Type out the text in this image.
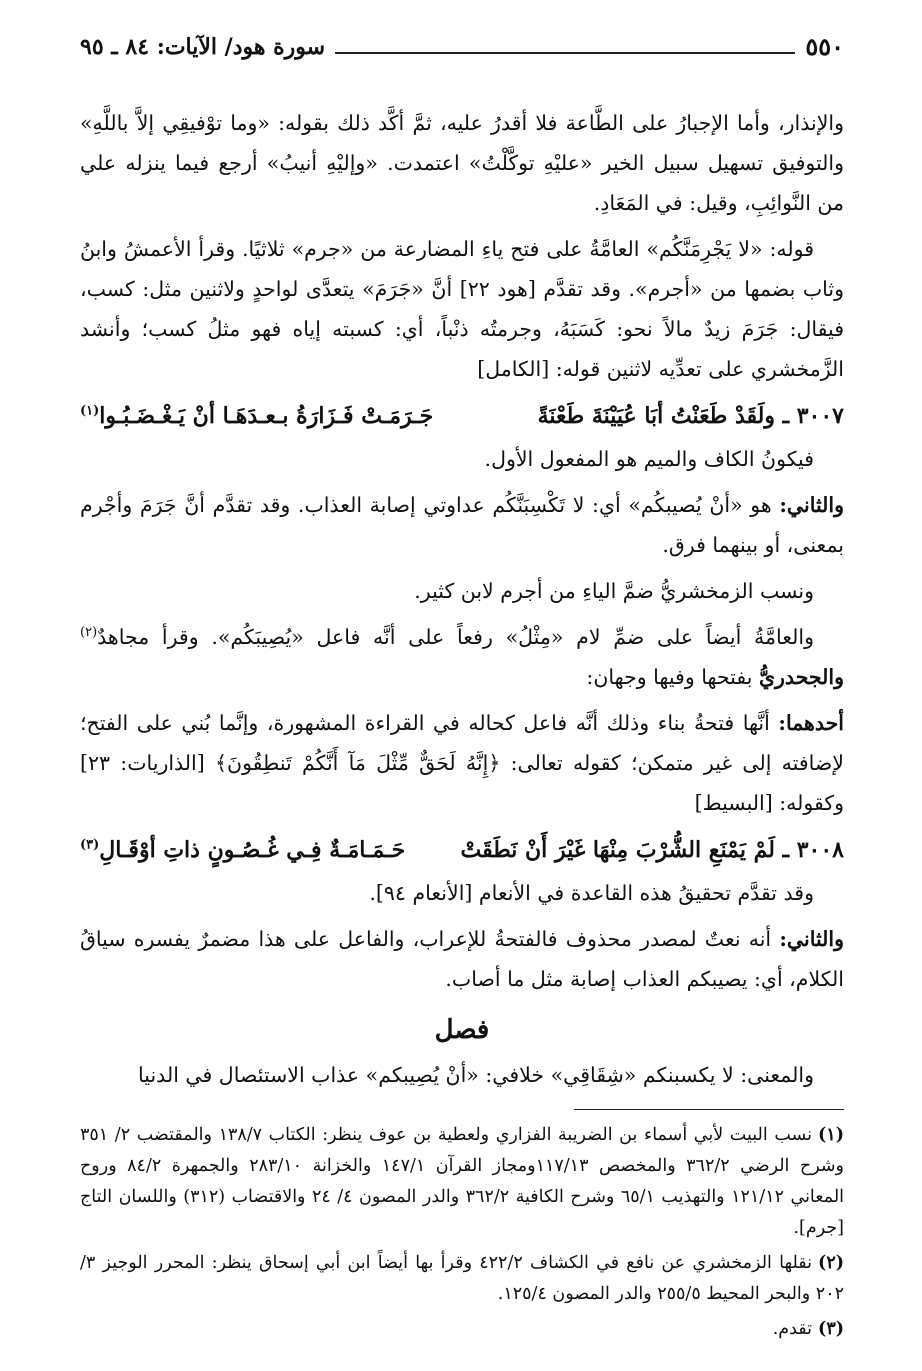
٥٥٠
سورة هود/ الآيات: ٨٤ ـ ٩٥

والإنذار، وأما الإجبارُ على الطَّاعة فلا أقدرُ عليه، ثمَّ أكَّد ذلك بقوله: «وما توْفيقِي إلاَّ باللَّهِ» والتوفيق تسهيل سبيل الخير «عليْهِ توكَّلْتُ» اعتمدت. «وإليْهِ أنيبُ» أرجع فيما ينزله علي من النَّوائِبِ، وقيل: في المَعَادِ.

قوله: «لا يَجْرِمَنَّكُم» العامَّةُ على فتح ياءِ المضارعة من «جرم» ثلاثيًا. وقرأ الأعمشُ وابنُ وثاب بضمها من «أجرم». وقد تقدَّم [هود ٢٢] أنَّ «جَرَمَ» يتعدَّى لواحدٍ ولاثنين مثل: كسب، فيقال: جَرَمَ زيدٌ مالاً نحو: كَسَبَهُ، وجرمتُه ذنْباً، أي: كسبته إياه فهو مثلُ كسب؛ وأنشد الزَّمخشري على تعدِّيه لاثنين قوله: [الكامل]

٣٠٠٧ ـ ولَقَدْ طَعَنْتُ أبَا عُيَيْنَةَ طَعْنَةً
جَـرَمَـتْ فَـزَارَةُ بـعـدَهَـا أنْ يَـغْـضَـبُـوا$^{(١)}$

فيكونُ الكاف والميم هو المفعول الأول.

والثاني: هو «أنْ يُصيبكُم» أي: لا تَكْسِبَنَّكُم عداوتي إصابة العذاب. وقد تقدَّم أنَّ جَرَمَ وأجْرم بمعنى، أو بينهما فرق.

ونسب الزمخشريُّ ضمَّ الياءِ من أجرم لابن كثير.

والعامَّةُ أيضاً على ضمِّ لام «مِثْلُ» رفعاً على أنَّه فاعل «يُصِيبَكُم». وقرأ مجاهدٌ$^{(٢)}$ والجحدريُّ بفتحها وفيها وجهان:

أحدهما: أنَّها فتحةُ بناء وذلك أنَّه فاعل كحاله في القراءة المشهورة، وإنَّما بُني على الفتح؛ لإضافته إلى غير متمكن؛ كقوله تعالى: ﴿إِنَّهُ لَحَقٌّ مِّثْلَ مَآ أَنَّكُمْ تَنطِقُونَ﴾ [الذاريات: ٢٣] وكقوله: [البسيط]

٣٠٠٨ ـ لَمْ يَمْنَعِ الشُّرْبَ مِنْهَا غَيْرَ أَنْ نَطَقَتْ
حَـمَـامَـةٌ فِـي غُـصُـونٍ ذاتِ أوْقَـالِ$^{(٣)}$

وقد تقدَّم تحقيقُ هذه القاعدة في الأنعام [الأنعام ٩٤].

والثاني: أنه نعتٌ لمصدر محذوف فالفتحةُ للإعراب، والفاعل على هذا مضمرٌ يفسره سياقُ الكلام، أي: يصيبكم العذاب إصابة مثل ما أصاب.

فصل

والمعنى: لا يكسبنكم «شِقَاقِي» خلافي: «أنْ يُصِيبكم» عذاب الاستئصال في الدنيا

(١)نسب البيت لأبي أسماء بن الضريبة الفزاري ولعطية بن عوف ينظر: الكتاب ١٣٨/٧ والمقتضب ٢/ ٣٥١ وشرح الرضي ٣٦٢/٢ والمخصص ١١٧/١٣ومجاز القرآن ١٤٧/١ والخزانة ٢٨٣/١٠ والجمهرة ٨٤/٢ وروح المعاني ١٢١/١٢ والتهذيب ٦٥/١ وشرح الكافية ٣٦٢/٢ والدر المصون ٤/ ٢٤ والاقتضاب (٣١٢) واللسان التاج [جرم].

(٢)نقلها الزمخشري عن نافع في الكشاف ٤٢٢/٢ وقرأ بها أيضاً ابن أبي إسحاق ينظر: المحرر الوجيز ٣/ ٢٠٢ والبحر المحيط ٢٥٥/٥ والدر المصون ١٢٥/٤.

(٣)تقدم.
